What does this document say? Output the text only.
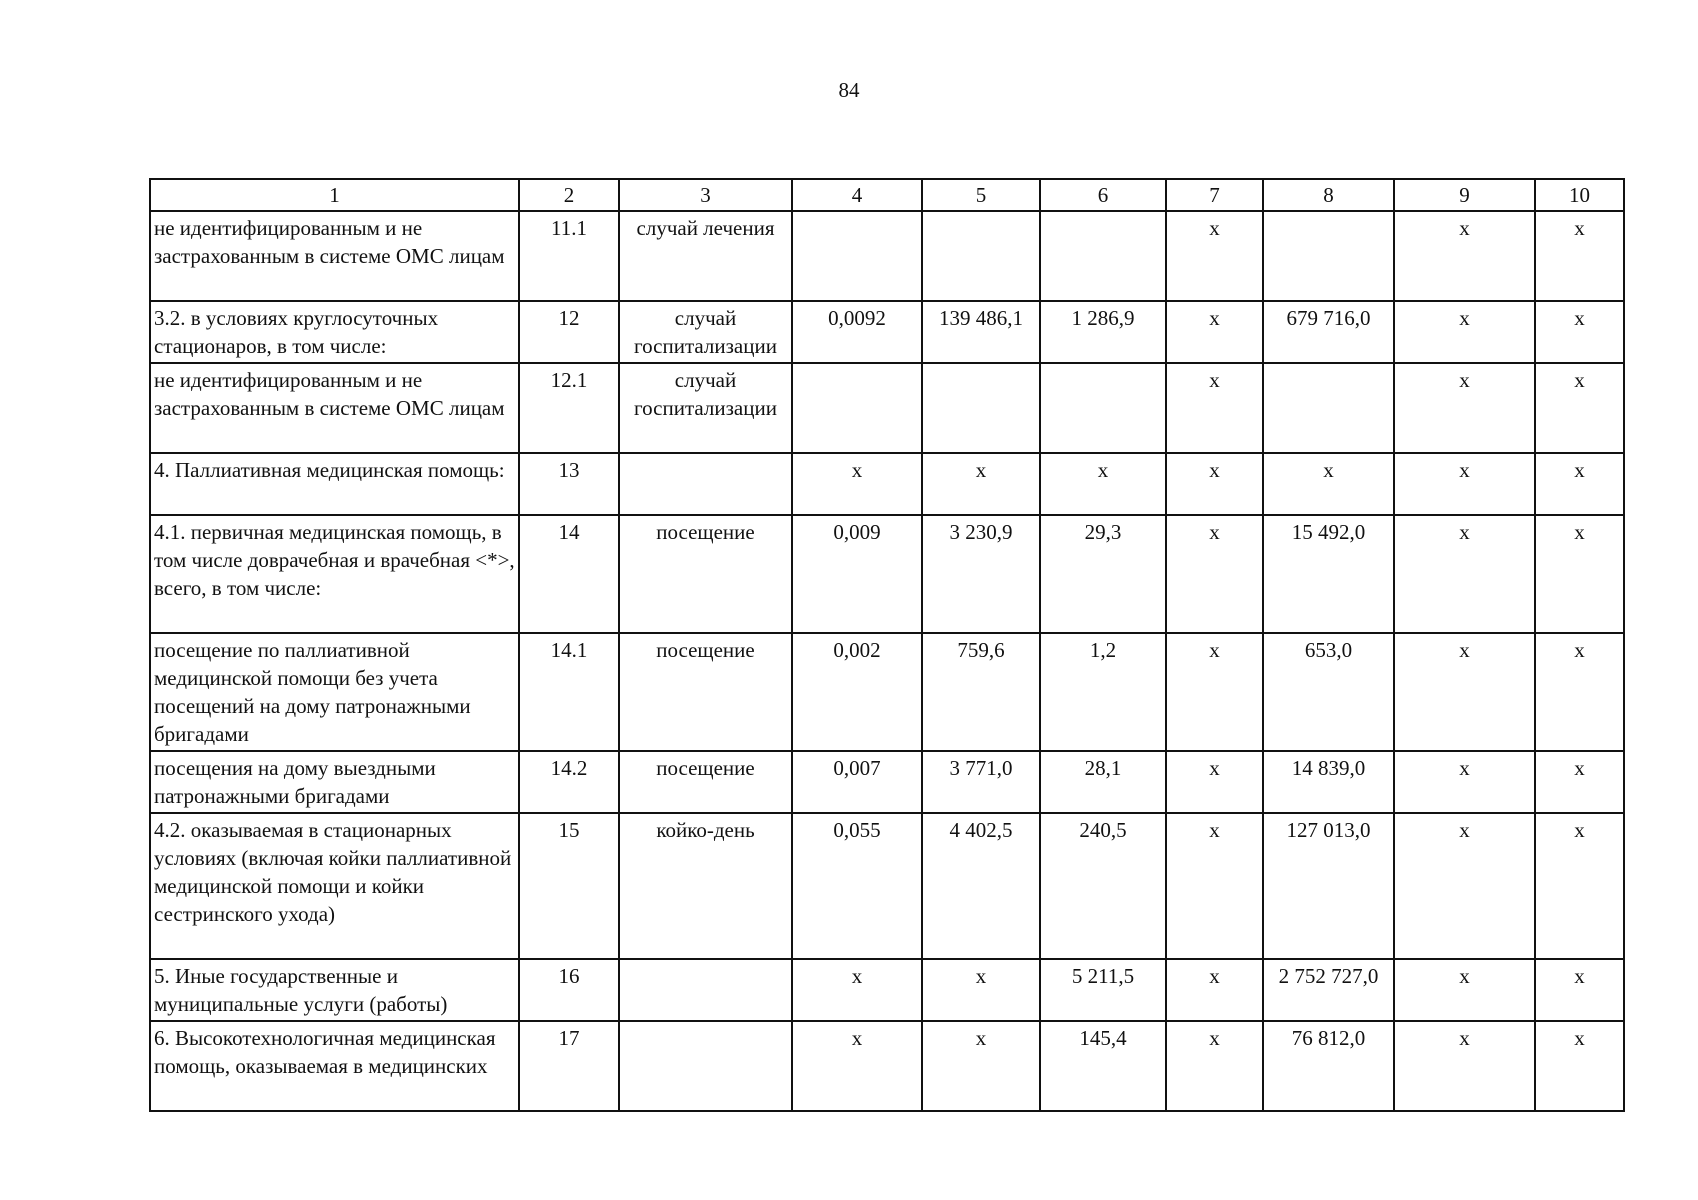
84
1	2	3	4	5	6	7	8	9	10
не идентифицированным и не застрахованным в системе ОМС лицам	11.1	случай лечения				x		x	x
3.2. в условиях круглосуточных стационаров, в том числе:	12	случай госпитализации	0,0092	139 486,1	1 286,9	x	679 716,0	x	x
не идентифицированным и не застрахованным в системе ОМС лицам	12.1	случай госпитализации				x		x	x
4. Паллиативная медицинская помощь:	13		x	x	x	x	x	x	x
4.1. первичная медицинская помощь, в том числе доврачебная и врачебная <*>, всего, в том числе:	14	посещение	0,009	3 230,9	29,3	x	15 492,0	x	x
посещение по паллиативной медицинской помощи без учета посещений на дому патронажными бригадами	14.1	посещение	0,002	759,6	1,2	x	653,0	x	x
посещения на дому выездными патронажными бригадами	14.2	посещение	0,007	3 771,0	28,1	x	14 839,0	x	x
4.2. оказываемая в стационарных условиях (включая койки паллиативной медицинской помощи и койки сестринского ухода)	15	койко-день	0,055	4 402,5	240,5	x	127 013,0	x	x
5. Иные государственные и муниципальные услуги (работы)	16		x	x	5 211,5	x	2 752 727,0	x	x
6. Высокотехнологичная медицинская помощь, оказываемая в медицинских	17		x	x	145,4	x	76 812,0	x	x
